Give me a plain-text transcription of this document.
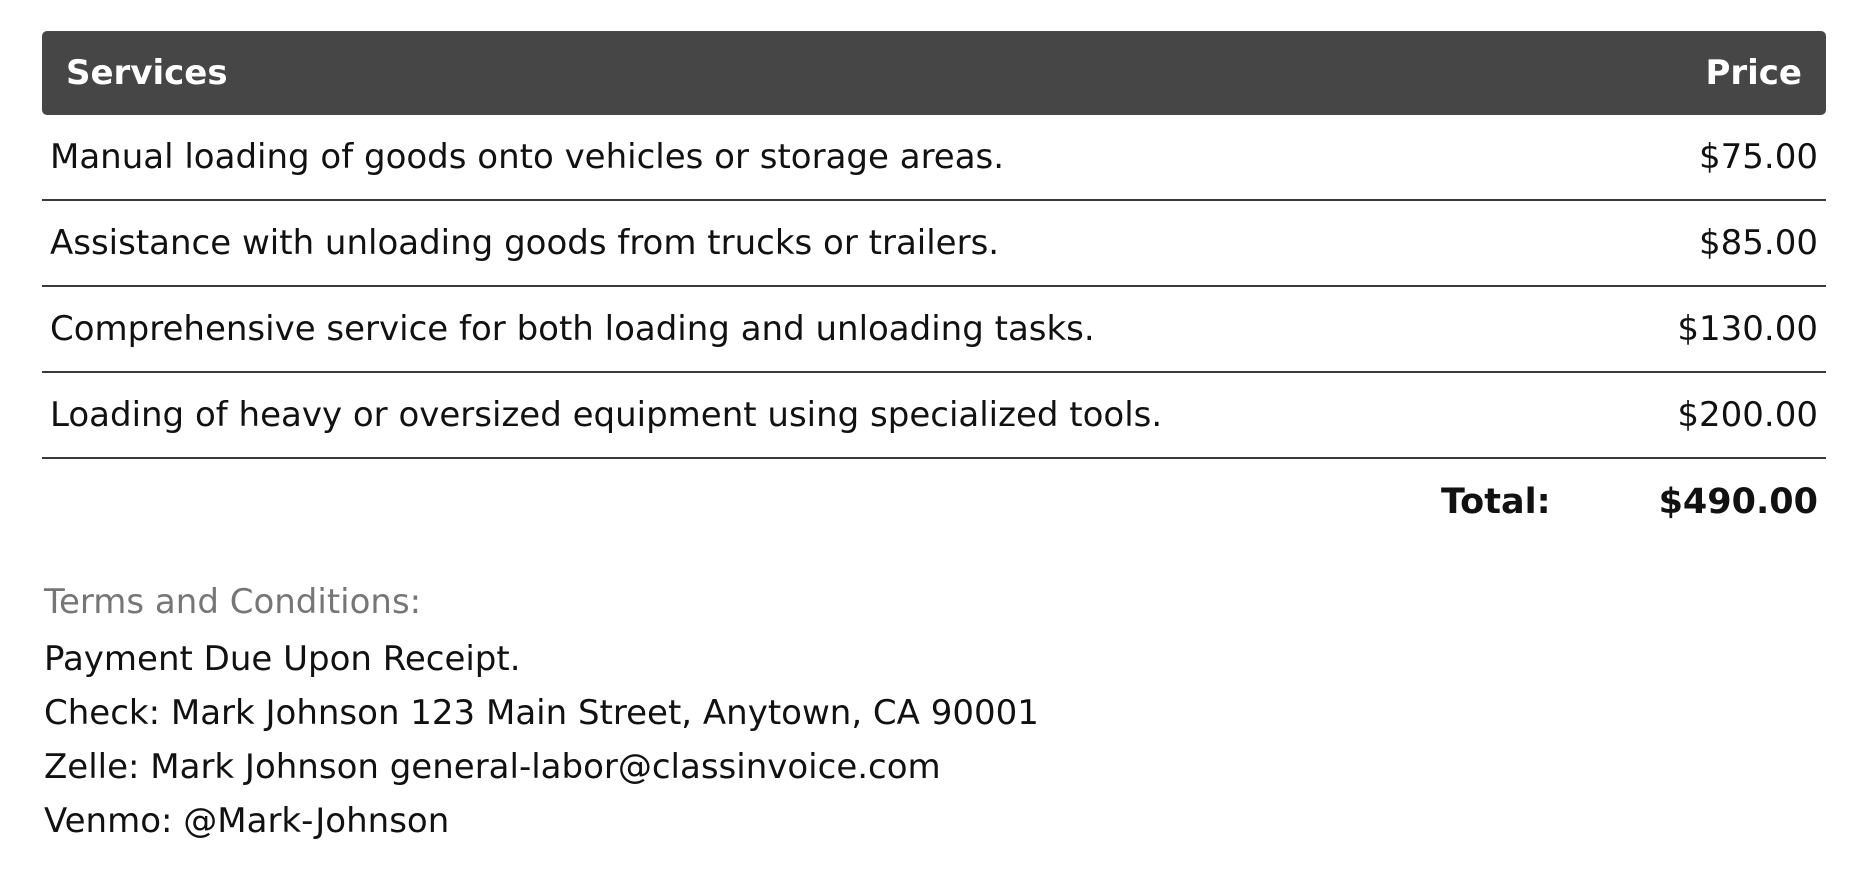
Services	Price
Manual loading of goods onto vehicles or storage areas.	$75.00
Assistance with unloading goods from trucks or trailers.	$85.00
Comprehensive service for both loading and unloading tasks.	$130.00
Loading of heavy or oversized equipment using specialized tools.	$200.00
Total:	$490.00
Terms and Conditions:
Payment Due Upon Receipt.
Check: Mark Johnson 123 Main Street, Anytown, CA 90001
Zelle: Mark Johnson general-labor@classinvoice.com
Venmo: @Mark-Johnson
